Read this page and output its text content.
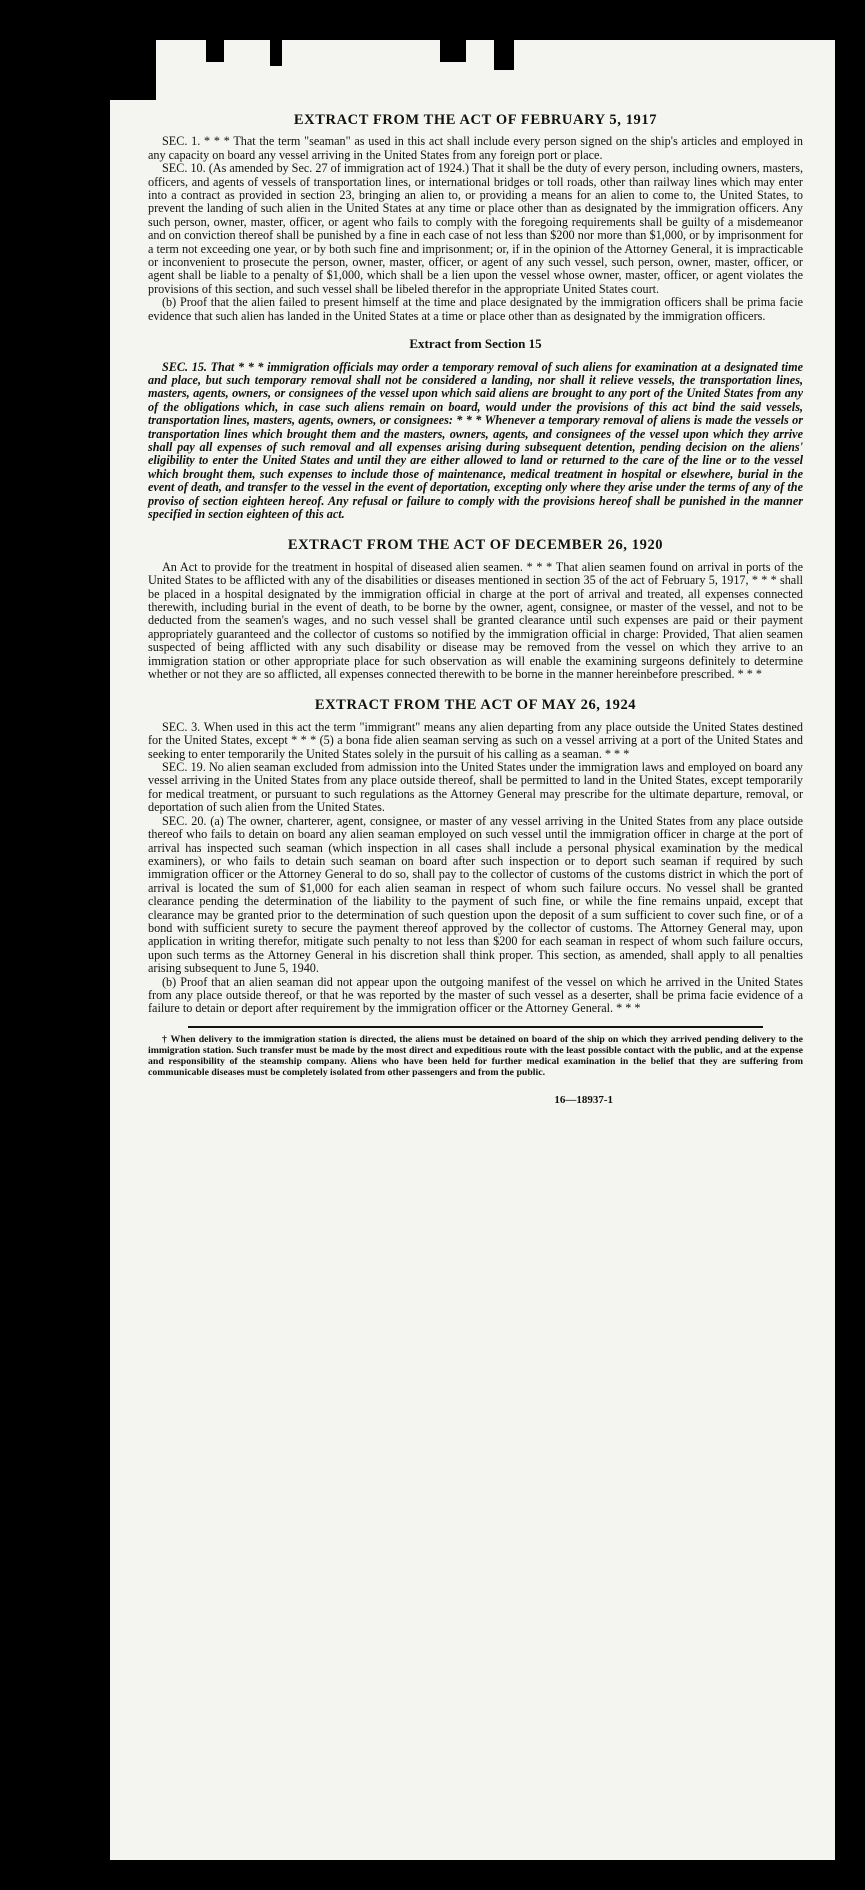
EXTRACT FROM THE ACT OF FEBRUARY 5, 1917

SEC. 1. * * * That the term "seaman" as used in this act shall include every person signed on the ship's articles and employed in any capacity on board any vessel arriving in the United States from any foreign port or place.

SEC. 10. (As amended by Sec. 27 of immigration act of 1924.) That it shall be the duty of every person, including owners, masters, officers, and agents of vessels of transportation lines, or international bridges or toll roads, other than railway lines which may enter into a contract as provided in section 23, bringing an alien to, or providing a means for an alien to come to, the United States, to prevent the landing of such alien in the United States at any time or place other than as designated by the immigration officers. Any such person, owner, master, officer, or agent who fails to comply with the foregoing requirements shall be guilty of a misdemeanor and on conviction thereof shall be punished by a fine in each case of not less than $200 nor more than $1,000, or by imprisonment for a term not exceeding one year, or by both such fine and imprisonment; or, if in the opinion of the Attorney General, it is impracticable or inconvenient to prosecute the person, owner, master, officer, or agent of any such vessel, such person, owner, master, officer, or agent shall be liable to a penalty of $1,000, which shall be a lien upon the vessel whose owner, master, officer, or agent violates the provisions of this section, and such vessel shall be libeled therefor in the appropriate United States court.

(b) Proof that the alien failed to present himself at the time and place designated by the immigration officers shall be prima facie evidence that such alien has landed in the United States at a time or place other than as designated by the immigration officers.

Extract from Section 15

SEC. 15. That * * * immigration officials may order a temporary removal of such aliens for examination at a designated time and place, but such temporary removal shall not be considered a landing, nor shall it relieve vessels, the transportation lines, masters, agents, owners, or consignees of the vessel upon which said aliens are brought to any port of the United States from any of the obligations which, in case such aliens remain on board, would under the provisions of this act bind the said vessels, transportation lines, masters, agents, owners, or consignees: * * * Whenever a temporary removal of aliens is made the vessels or transportation lines which brought them and the masters, owners, agents, and consignees of the vessel upon which they arrive shall pay all expenses of such removal and all expenses arising during subsequent detention, pending decision on the aliens' eligibility to enter the United States and until they are either allowed to land or returned to the care of the line or to the vessel which brought them, such expenses to include those of maintenance, medical treatment in hospital or elsewhere, burial in the event of death, and transfer to the vessel in the event of deportation, excepting only where they arise under the terms of any of the proviso of section eighteen hereof. Any refusal or failure to comply with the provisions hereof shall be punished in the manner specified in section eighteen of this act.

EXTRACT FROM THE ACT OF DECEMBER 26, 1920

An Act to provide for the treatment in hospital of diseased alien seamen. * * * That alien seamen found on arrival in ports of the United States to be afflicted with any of the disabilities or diseases mentioned in section 35 of the act of February 5, 1917, * * * shall be placed in a hospital designated by the immigration official in charge at the port of arrival and treated, all expenses connected therewith, including burial in the event of death, to be borne by the owner, agent, consignee, or master of the vessel, and not to be deducted from the seamen's wages, and no such vessel shall be granted clearance until such expenses are paid or their payment appropriately guaranteed and the collector of customs so notified by the immigration official in charge: Provided, That alien seamen suspected of being afflicted with any such disability or disease may be removed from the vessel on which they arrive to an immigration station or other appropriate place for such observation as will enable the examining surgeons definitely to determine whether or not they are so afflicted, all expenses connected therewith to be borne in the manner hereinbefore prescribed. * * *

EXTRACT FROM THE ACT OF MAY 26, 1924

SEC. 3. When used in this act the term "immigrant" means any alien departing from any place outside the United States destined for the United States, except * * * (5) a bona fide alien seaman serving as such on a vessel arriving at a port of the United States and seeking to enter temporarily the United States solely in the pursuit of his calling as a seaman. * * *

SEC. 19. No alien seaman excluded from admission into the United States under the immigration laws and employed on board any vessel arriving in the United States from any place outside thereof, shall be permitted to land in the United States, except temporarily for medical treatment, or pursuant to such regulations as the Attorney General may prescribe for the ultimate departure, removal, or deportation of such alien from the United States.

SEC. 20. (a) The owner, charterer, agent, consignee, or master of any vessel arriving in the United States from any place outside thereof who fails to detain on board any alien seaman employed on such vessel until the immigration officer in charge at the port of arrival has inspected such seaman (which inspection in all cases shall include a personal physical examination by the medical examiners), or who fails to detain such seaman on board after such inspection or to deport such seaman if required by such immigration officer or the Attorney General to do so, shall pay to the collector of customs of the customs district in which the port of arrival is located the sum of $1,000 for each alien seaman in respect of whom such failure occurs. No vessel shall be granted clearance pending the determination of the liability to the payment of such fine, or while the fine remains unpaid, except that clearance may be granted prior to the determination of such question upon the deposit of a sum sufficient to cover such fine, or of a bond with sufficient surety to secure the payment thereof approved by the collector of customs. The Attorney General may, upon application in writing therefor, mitigate such penalty to not less than $200 for each seaman in respect of whom such failure occurs, upon such terms as the Attorney General in his discretion shall think proper. This section, as amended, shall apply to all penalties arising subsequent to June 5, 1940.

(b) Proof that an alien seaman did not appear upon the outgoing manifest of the vessel on which he arrived in the United States from any place outside thereof, or that he was reported by the master of such vessel as a deserter, shall be prima facie evidence of a failure to detain or deport after requirement by the immigration officer or the Attorney General. * * *

† When delivery to the immigration station is directed, the aliens must be detained on board of the ship on which they arrived pending delivery to the immigration station. Such transfer must be made by the most direct and expeditious route with the least possible contact with the public, and at the expense and responsibility of the steamship company. Aliens who have been held for further medical examination in the belief that they are suffering from communicable diseases must be completely isolated from other passengers and from the public.

16—18937-1
